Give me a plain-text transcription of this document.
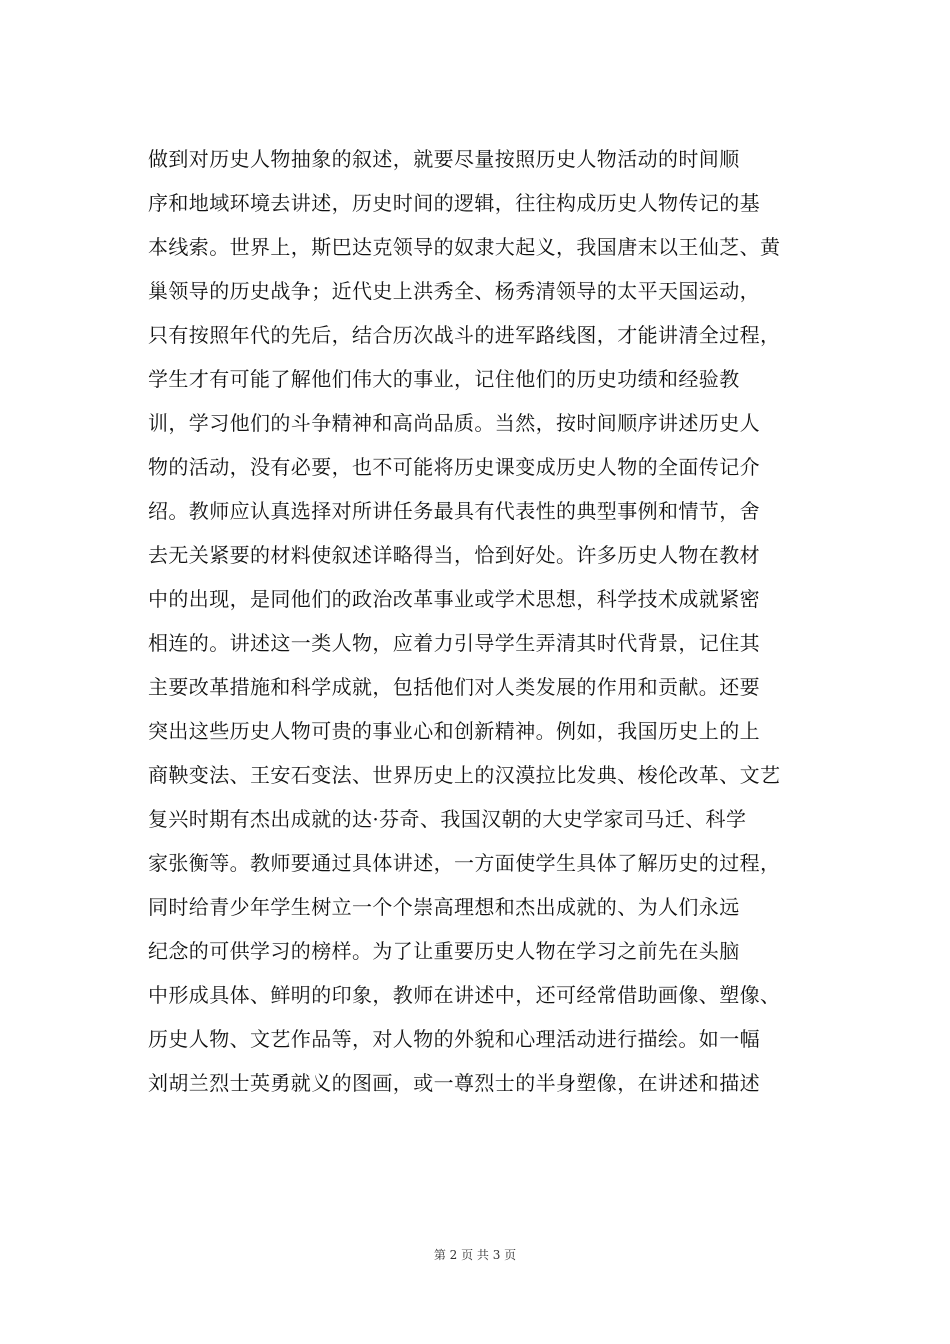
做到对历史人物抽象的叙述，就要尽量按照历史人物活动的时间顺
序和地域环境去讲述，历史时间的逻辑，往往构成历史人物传记的基
本线索。世界上，斯巴达克领导的奴隶大起义，我国唐末以王仙芝、黄
巢领导的历史战争；近代史上洪秀全、杨秀清领导的太平天国运动，
只有按照年代的先后，结合历次战斗的进军路线图，才能讲清全过程，
学生才有可能了解他们伟大的事业，记住他们的历史功绩和经验教
训，学习他们的斗争精神和高尚品质。当然，按时间顺序讲述历史人
物的活动，没有必要，也不可能将历史课变成历史人物的全面传记介
绍。教师应认真选择对所讲任务最具有代表性的典型事例和情节，舍
去无关紧要的材料使叙述详略得当，恰到好处。许多历史人物在教材
中的出现，是同他们的政治改革事业或学术思想，科学技术成就紧密
相连的。讲述这一类人物，应着力引导学生弄清其时代背景，记住其
主要改革措施和科学成就，包括他们对人类发展的作用和贡献。还要
突出这些历史人物可贵的事业心和创新精神。例如，我国历史上的上
商鞅变法、王安石变法、世界历史上的汉漠拉比发典、梭伦改革、文艺
复兴时期有杰出成就的达·芬奇、我国汉朝的大史学家司马迁、科学
家张衡等。教师要通过具体讲述，一方面使学生具体了解历史的过程，
同时给青少年学生树立一个个崇高理想和杰出成就的、为人们永远
纪念的可供学习的榜样。为了让重要历史人物在学习之前先在头脑
中形成具体、鲜明的印象，教师在讲述中，还可经常借助画像、塑像、
历史人物、文艺作品等，对人物的外貌和心理活动进行描绘。如一幅
刘胡兰烈士英勇就义的图画，或一尊烈士的半身塑像，在讲述和描述
第 2 页 共 3 页
